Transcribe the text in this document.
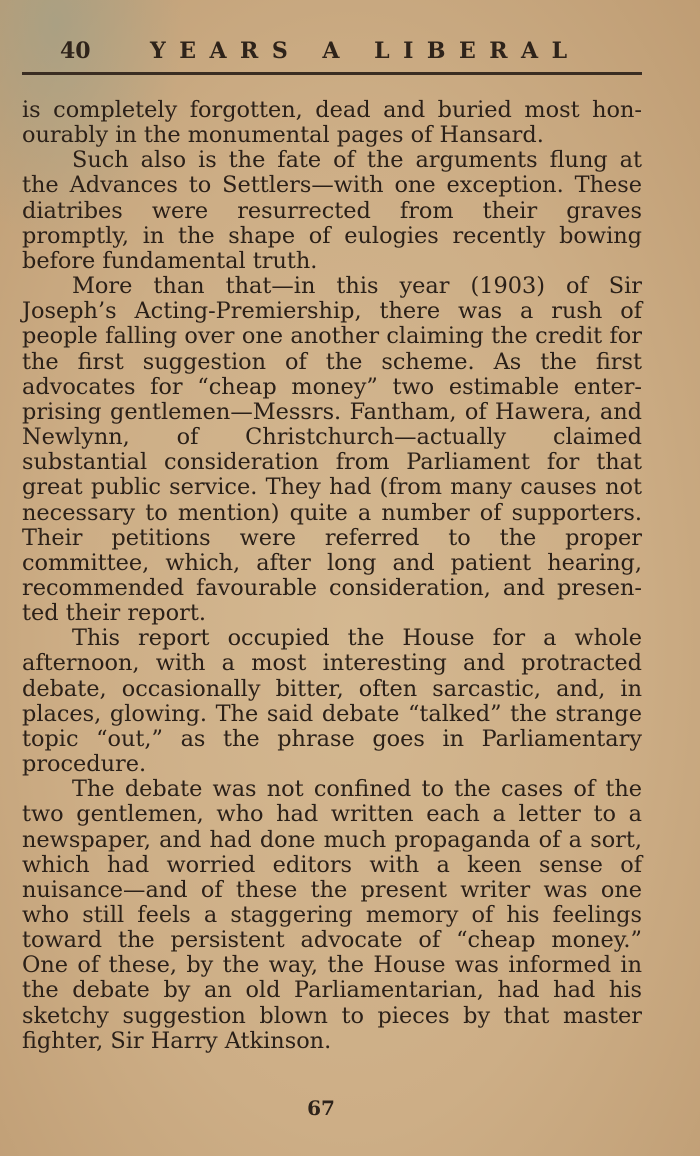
40	YEARS A LIBERAL

is completely forgotten, dead and buried most honourably in the monumental pages of Hansard.

Such also is the fate of the arguments flung at the Advances to Settlers—with one exception. These diatribes were resurrected from their graves promptly, in the shape of eulogies recently bowing before fundamental truth.

More than that—in this year (1903) of Sir Joseph’s Acting-Premiership, there was a rush of people falling over one another claiming the credit for the first suggestion of the scheme. As the first advocates for “cheap money” two estimable enterprising gentlemen—Messrs. Fantham, of Hawera, and Newlynn, of Christchurch—actually claimed substantial consideration from Parliament for that great public service. They had (from many causes not necessary to mention) quite a number of supporters. Their petitions were referred to the proper committee, which, after long and patient hearing, recommended favourable consideration, and presented their report.

This report occupied the House for a whole afternoon, with a most interesting and protracted debate, occasionally bitter, often sarcastic, and, in places, glowing. The said debate “talked” the strange topic “out,” as the phrase goes in Parliamentary procedure.

The debate was not confined to the cases of the two gentlemen, who had written each a letter to a newspaper, and had done much propaganda of a sort, which had worried editors with a keen sense of nuisance—and of these the present writer was one who still feels a staggering memory of his feelings toward the persistent advocate of “cheap money.” One of these, by the way, the House was informed in the debate by an old Parliamentarian, had had his sketchy suggestion blown to pieces by that master fighter, Sir Harry Atkinson.

67
